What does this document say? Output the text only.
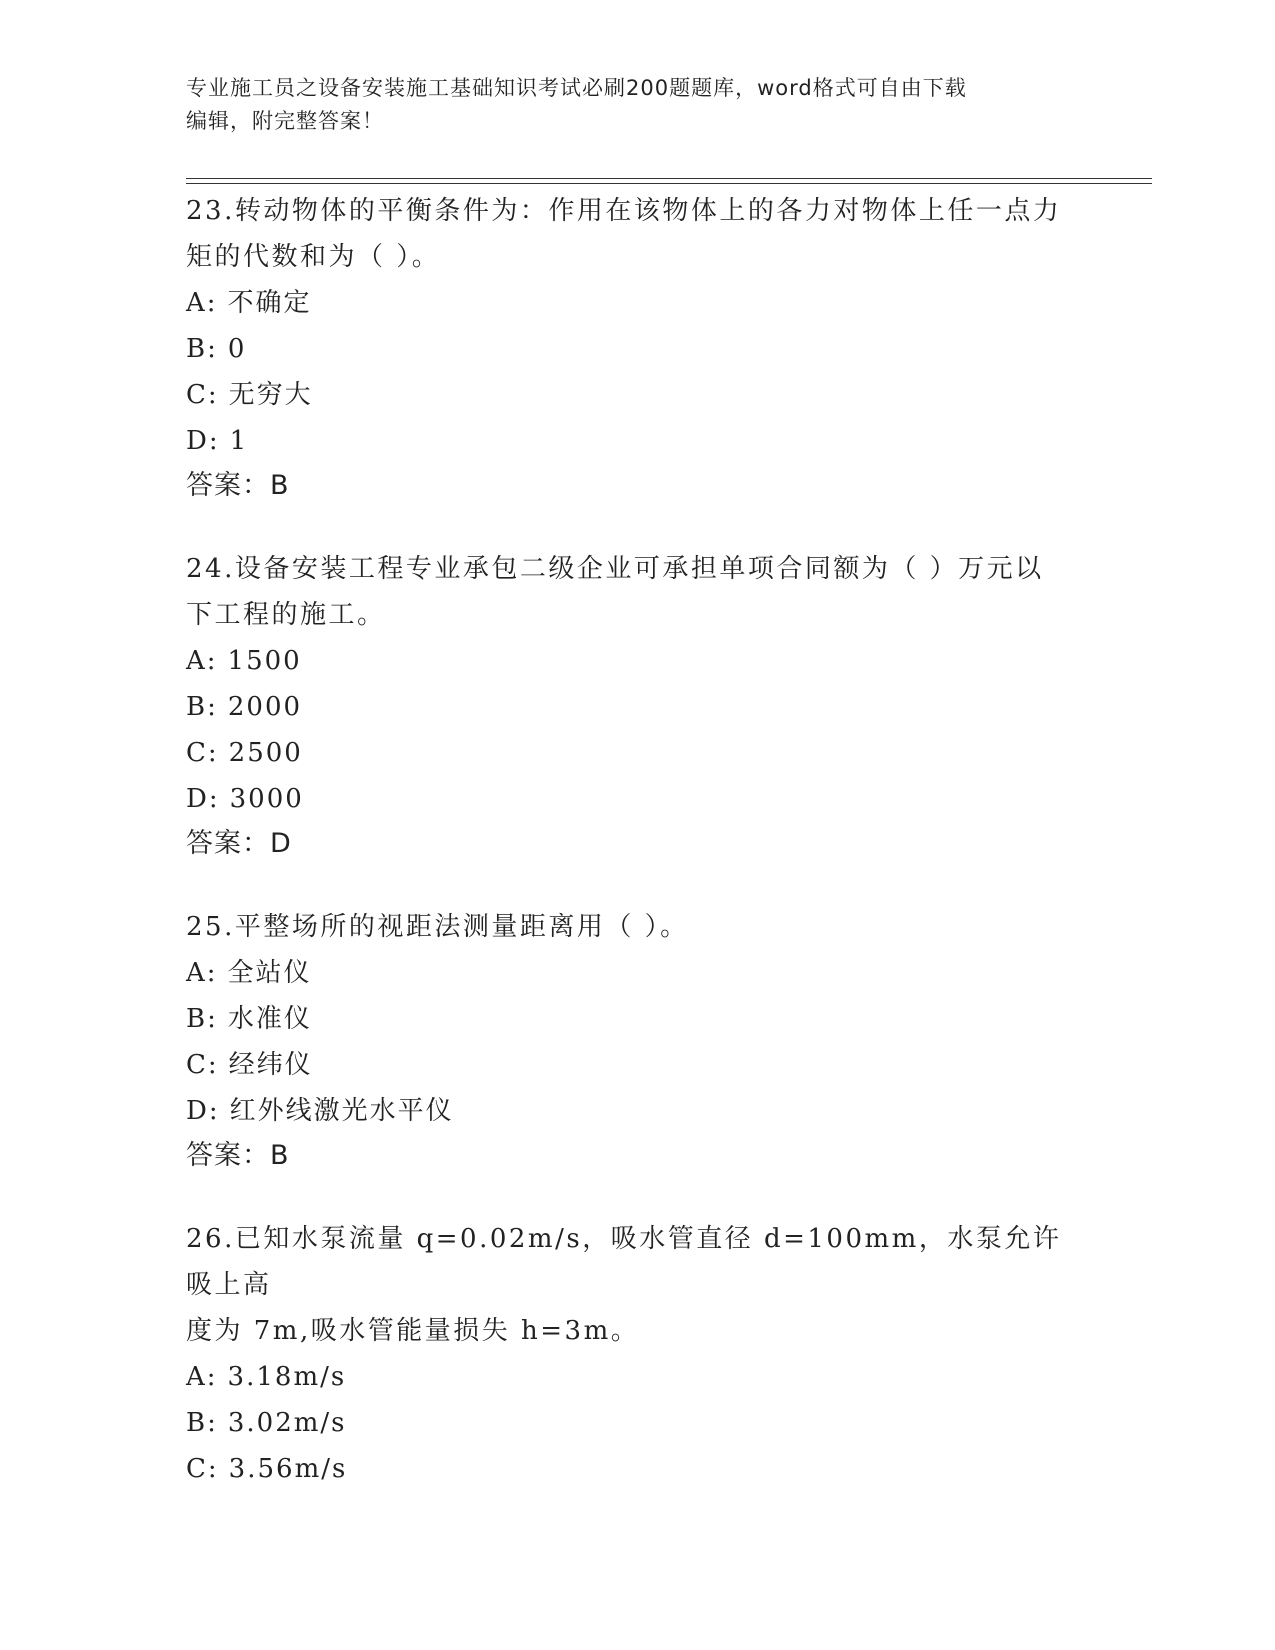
专业施工员之设备安装施工基础知识考试必刷200题题库，word格式可自由下载
编辑，附完整答案！
23.转动物体的平衡条件为：作用在该物体上的各力对物体上任一点力
矩的代数和为（ ）。
A: 不确定
B: 0
C: 无穷大
D: 1
答案：B
24.设备安装工程专业承包二级企业可承担单项合同额为（ ）万元以
下工程的施工。
A: 1500
B: 2000
C: 2500
D: 3000
答案：D
25.平整场所的视距法测量距离用（ ）。
A: 全站仪
B: 水准仪
C: 经纬仪
D: 红外线激光水平仪
答案：B
26.已知水泵流量 q=0.02m/s，吸水管直径 d=100mm，水泵允许吸上高
度为 7m,吸水管能量损失 h=3m。
A: 3.18m/s
B: 3.02m/s
C: 3.56m/s
